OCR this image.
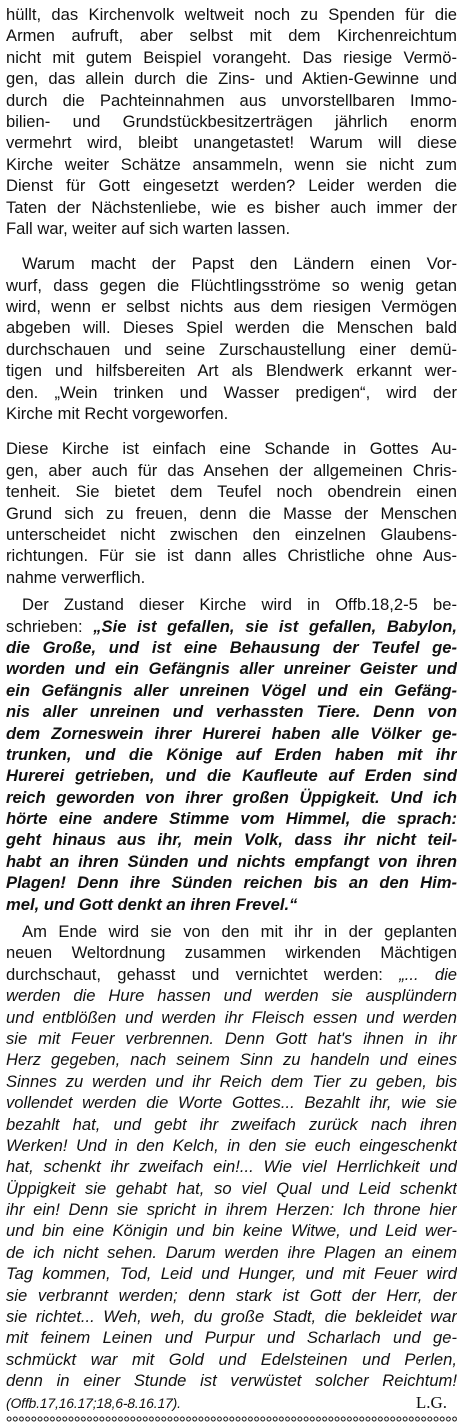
hüllt, das Kirchenvolk weltweit noch zu Spenden für die
Armen aufruft, aber selbst mit dem Kirchenreichtum
nicht mit gutem Beispiel vorangeht. Das riesige Vermö-
gen, das allein durch die Zins- und Aktien-Gewinne und
durch die Pachteinnahmen aus unvorstellbaren Immo-
bilien- und Grundstückbesitzerträgen jährlich enorm
vermehrt wird, bleibt unangetastet! Warum will diese
Kirche weiter Schätze ansammeln, wenn sie nicht zum
Dienst für Gott eingesetzt werden? Leider werden die
Taten der Nächstenliebe, wie es bisher auch immer der
Fall war, weiter auf sich warten lassen.
Warum macht der Papst den Ländern einen Vor-
wurf, dass gegen die Flüchtlingsströme so wenig getan
wird, wenn er selbst nichts aus dem riesigen Vermögen
abgeben will. Dieses Spiel werden die Menschen bald
durchschauen und seine Zurschaustellung einer demü-
tigen und hilfsbereiten Art als Blendwerk erkannt wer-
den. „Wein trinken und Wasser predigen“, wird der
Kirche mit Recht vorgeworfen.
Diese Kirche ist einfach eine Schande in Gottes Au-
gen, aber auch für das Ansehen der allgemeinen Chris-
tenheit. Sie bietet dem Teufel noch obendrein einen
Grund sich zu freuen, denn die Masse der Menschen
unterscheidet nicht zwischen den einzelnen Glaubens-
richtungen. Für sie ist dann alles Christliche ohne Aus-
nahme verwerflich.
Der Zustand dieser Kirche wird in Offb.18,2-5 be-
schrieben: „Sie ist gefallen, sie ist gefallen, Babylon,
die Große, und ist eine Behausung der Teufel ge-
worden und ein Gefängnis aller unreiner Geister und
ein Gefängnis aller unreinen Vögel und ein Gefäng-
nis aller unreinen und verhassten Tiere. Denn von
dem Zorneswein ihrer Hurerei haben alle Völker ge-
trunken, und die Könige auf Erden haben mit ihr
Hurerei getrieben, und die Kaufleute auf Erden sind
reich geworden von ihrer großen Üppigkeit. Und ich
hörte eine andere Stimme vom Himmel, die sprach:
geht hinaus aus ihr, mein Volk, dass ihr nicht teil-
habt an ihren Sünden und nichts empfangt von ihren
Plagen! Denn ihre Sünden reichen bis an den Him-
mel, und Gott denkt an ihren Frevel.“
Am Ende wird sie von den mit ihr in der geplanten
neuen Weltordnung zusammen wirkenden Mächtigen
durchschaut, gehasst und vernichtet werden: „... die
werden die Hure hassen und werden sie ausplündern
und entblößen und werden ihr Fleisch essen und werden
sie mit Feuer verbrennen. Denn Gott hat's ihnen in ihr
Herz gegeben, nach seinem Sinn zu handeln und eines
Sinnes zu werden und ihr Reich dem Tier zu geben, bis
vollendet werden die Worte Gottes... Bezahlt ihr, wie sie
bezahlt hat, und gebt ihr zweifach zurück nach ihren
Werken! Und in den Kelch, in den sie euch eingeschenkt
hat, schenkt ihr zweifach ein!... Wie viel Herrlichkeit und
Üppigkeit sie gehabt hat, so viel Qual und Leid schenkt
ihr ein! Denn sie spricht in ihrem Herzen: Ich throne hier
und bin eine Königin und bin keine Witwe, und Leid wer-
de ich nicht sehen. Darum werden ihre Plagen an einem
Tag kommen, Tod, Leid und Hunger, und mit Feuer wird
sie verbrannt werden; denn stark ist Gott der Herr, der
sie richtet... Weh, weh, du große Stadt, die bekleidet war
mit feinem Leinen und Purpur und Scharlach und ge-
schmückt war mit Gold und Edelsteinen und Perlen,
denn in einer Stunde ist verwüstet solcher Reichtum!
(Offb.17,16.17;18,6-8.16.17).	L.G.
